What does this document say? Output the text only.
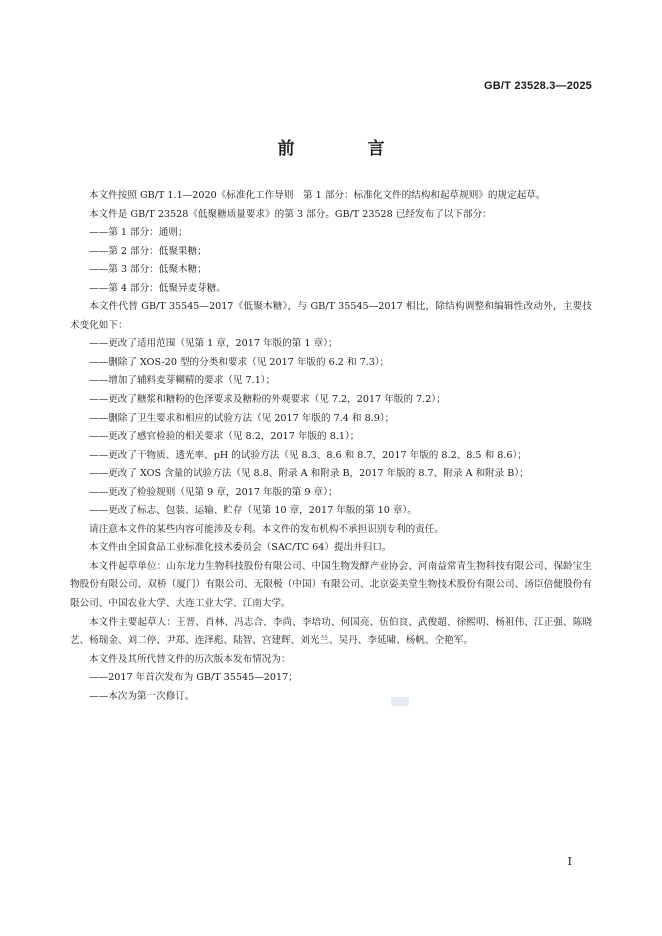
GB/T 23528.3—2025
前　言

本文件按照 GB/T 1.1—2020《标准化工作导则　第 1 部分：标准化文件的结构和起草规则》的规定起草。

本文件是 GB/T 23528《低聚糖质量要求》的第 3 部分。GB/T 23528 已经发布了以下部分：

——第 1 部分：通则；

——第 2 部分：低聚果糖；

——第 3 部分：低聚木糖；

——第 4 部分：低聚异麦芽糖。

本文件代替 GB/T 35545—2017《低聚木糖》，与 GB/T 35545—2017 相比，除结构调整和编辑性改动外，主要技术变化如下：

——更改了适用范围（见第 1 章，2017 年版的第 1 章）；

——删除了 XOS-20 型的分类和要求（见 2017 年版的 6.2 和 7.3）；

——增加了辅料麦芽糊精的要求（见 7.1）；

——更改了糖浆和糖粉的色泽要求及糖粉的外观要求（见 7.2，2017 年版的 7.2）；

——删除了卫生要求和相应的试验方法（见 2017 年版的 7.4 和 8.9）；

——更改了感官检验的相关要求（见 8.2，2017 年版的 8.1）；

——更改了干物质、透光率、pH 的试验方法（见 8.3、8.6 和 8.7，2017 年版的 8.2、8.5 和 8.6）；

——更改了 XOS 含量的试验方法（见 8.8、附录 A 和附录 B，2017 年版的 8.7、附录 A 和附录 B）；

——更改了检验规则（见第 9 章，2017 年版的第 9 章）；

——更改了标志、包装、运输、贮存（见第 10 章，2017 年版的第 10 章）。

请注意本文件的某些内容可能涉及专利。本文件的发布机构不承担识别专利的责任。

本文件由全国食品工业标准化技术委员会（SAC/TC 64）提出并归口。

本文件起草单位：山东龙力生物科技股份有限公司、中国生物发酵产业协会、河南益常青生物科技有限公司、保龄宝生物股份有限公司、双桥（厦门）有限公司、无限极（中国）有限公司、北京姿美堂生物技术股份有限公司、汤臣倍健股份有限公司、中国农业大学、大连工业大学、江南大学。

本文件主要起草人：王晋、肖林、冯志合、李尚、李培功、何国亮、伍伯良、武俊超、徐熙明、杨祖伟、江正强、陈晓艺、杨瑞金、刘二停、尹郑、连泽彪、陆智、宫建辉、刘光兰、吴丹、李延啸、杨帆、仝艳军。

本文件及其所代替文件的历次版本发布情况为：

——2017 年首次发布为 GB/T 35545—2017；

——本次为第一次修订。

I
